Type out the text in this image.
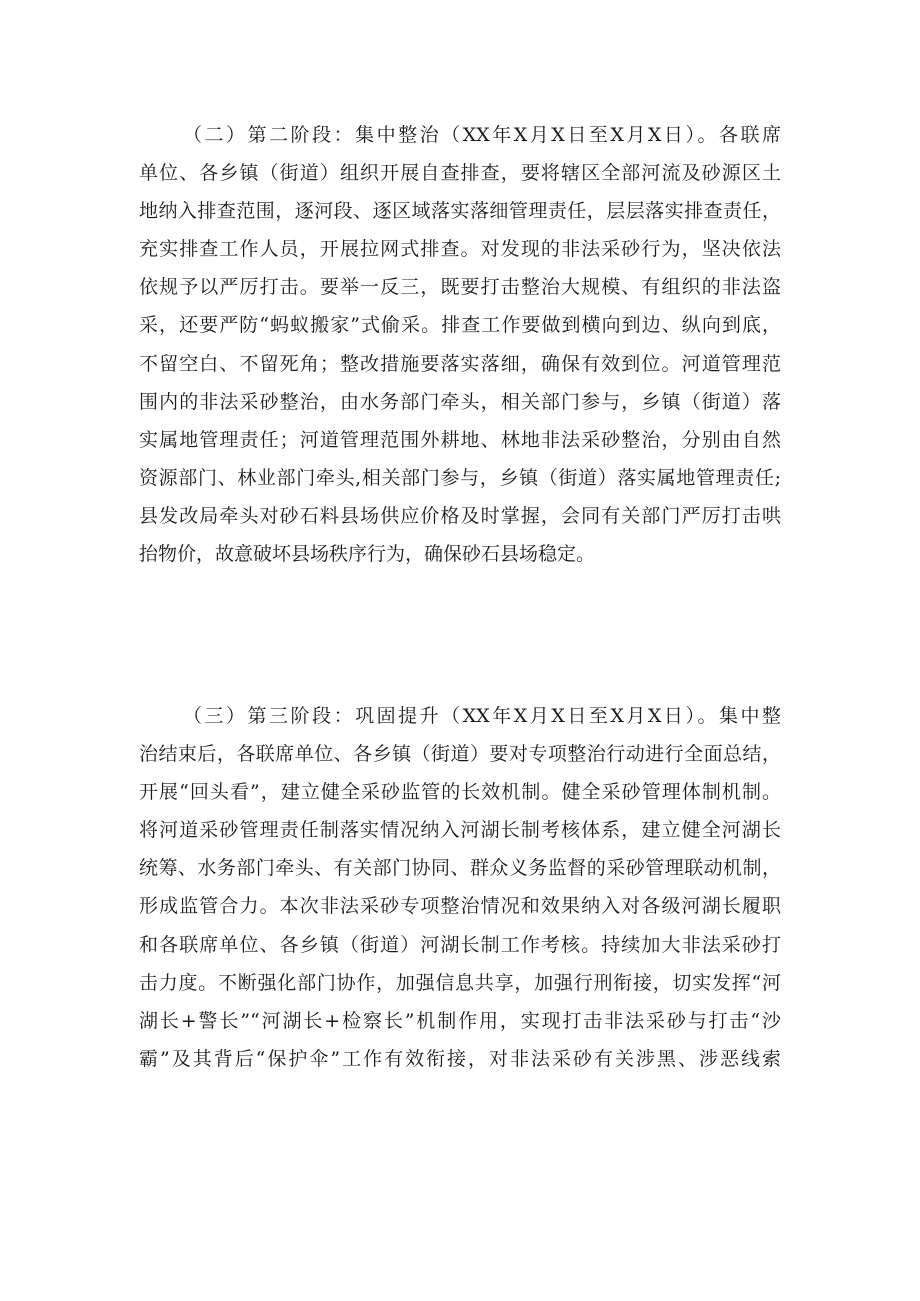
（二）第二阶段：集中整治（XX年X月X日至X月X日）。各联席
单位、各乡镇（街道）组织开展自查排查，要将辖区全部河流及砂源区土
地纳入排查范围，逐河段、逐区域落实落细管理责任，层层落实排查责任，
充实排查工作人员，开展拉网式排查。对发现的非法采砂行为，坚决依法
依规予以严厉打击。要举一反三，既要打击整治大规模、有组织的非法盗
采，还要严防“蚂蚁搬家”式偷采。排查工作要做到横向到边、纵向到底，
不留空白、不留死角；整改措施要落实落细，确保有效到位。河道管理范
围内的非法采砂整治，由水务部门牵头，相关部门参与，乡镇（街道）落
实属地管理责任；河道管理范围外耕地、林地非法采砂整治，分别由自然
资源部门、林业部门牵头,相关部门参与，乡镇（街道）落实属地管理责任;
县发改局牵头对砂石料县场供应价格及时掌握，会同有关部门严厉打击哄
抬物价，故意破坏县场秩序行为，确保砂石县场稳定。
（三）第三阶段：巩固提升（XX年X月X日至X月X日）。集中整
治结束后，各联席单位、各乡镇（街道）要对专项整治行动进行全面总结，
开展“回头看”，建立健全采砂监管的长效机制。健全采砂管理体制机制。
将河道采砂管理责任制落实情况纳入河湖长制考核体系，建立健全河湖长
统筹、水务部门牵头、有关部门协同、群众义务监督的采砂管理联动机制，
形成监管合力。本次非法采砂专项整治情况和效果纳入对各级河湖长履职
和各联席单位、各乡镇（街道）河湖长制工作考核。持续加大非法采砂打
击力度。不断强化部门协作，加强信息共享，加强行刑衔接，切实发挥“河
湖长+警长”“河湖长+检察长”机制作用，实现打击非法采砂与打击“沙
霸”及其背后“保护伞”工作有效衔接，对非法采砂有关涉黑、涉恶线索
